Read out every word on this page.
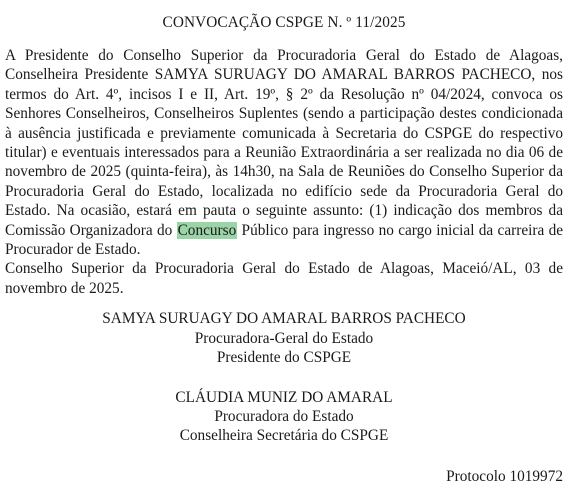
CONVOCAÇÃO CSPGE N. º 11/2025
A Presidente do Conselho Superior da Procuradoria Geral do Estado de Alagoas, Conselheira Presidente SAMYA SURUAGY DO AMARAL BARROS PACHECO, nos termos do Art. 4º, incisos I e II, Art. 19º, § 2º da Resolução nº 04/2024, convoca os Senhores Conselheiros, Conselheiros Suplentes (sendo a participação destes condicionada à ausência justificada e previamente comunicada à Secretaria do CSPGE do respectivo titular) e eventuais interessados para a Reunião Extraordinária a ser realizada no dia 06 de novembro de 2025 (quinta-feira), às 14h30, na Sala de Reuniões do Conselho Superior da Procuradoria Geral do Estado, localizada no edifício sede da Procuradoria Geral do Estado. Na ocasião, estará em pauta o seguinte assunto: (1) indicação dos membros da Comissão Organizadora do Concurso Público para ingresso no cargo inicial da carreira de Procurador de Estado.
Conselho Superior da Procuradoria Geral do Estado de Alagoas, Maceió/AL, 03 de novembro de 2025.
SAMYA SURUAGY DO AMARAL BARROS PACHECO
Procuradora-Geral do Estado
Presidente do CSPGE
CLÁUDIA MUNIZ DO AMARAL
Procuradora do Estado
Conselheira Secretária do CSPGE
Protocolo 1019972
